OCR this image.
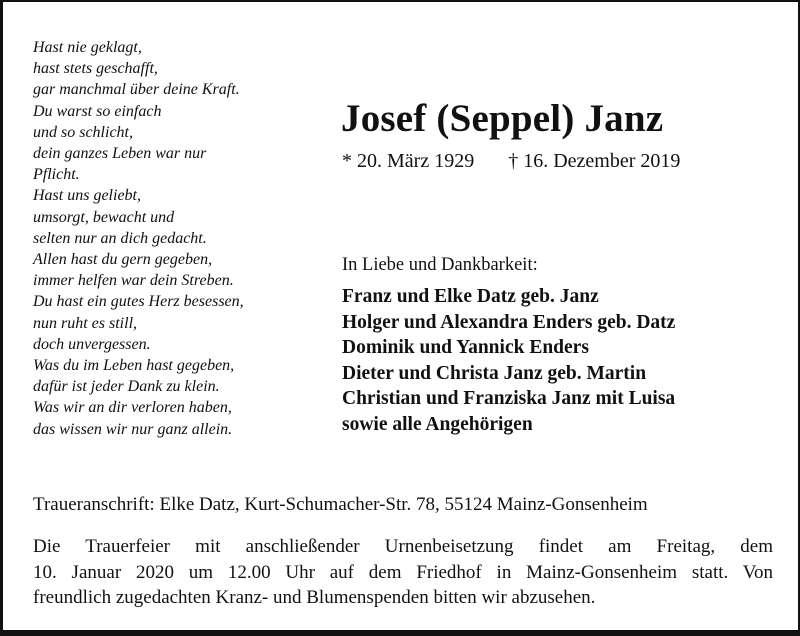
Hast nie geklagt,
hast stets geschafft,
gar manchmal über deine Kraft.
Du warst so einfach
und so schlicht,
dein ganzes Leben war nur
Pflicht.
Hast uns geliebt,
umsorgt, bewacht und
selten nur an dich gedacht.
Allen hast du gern gegeben,
immer helfen war dein Streben.
Du hast ein gutes Herz besessen,
nun ruht es still,
doch unvergessen.
Was du im Leben hast gegeben,
dafür ist jeder Dank zu klein.
Was wir an dir verloren haben,
das wissen wir nur ganz allein.
Josef (Seppel) Janz
* 20. März 1929 † 16. Dezember 2019
In Liebe und Dankbarkeit:
Franz und Elke Datz geb. Janz
Holger und Alexandra Enders geb. Datz
Dominik und Yannick Enders
Dieter und Christa Janz geb. Martin
Christian und Franziska Janz mit Luisa
sowie alle Angehörigen
Traueranschrift: Elke Datz, Kurt-Schumacher-Str. 78, 55124 Mainz-Gonsenheim
Die Trauerfeier mit anschließender Urnenbeisetzung findet am Freitag, dem
10. Januar 2020 um 12.00 Uhr auf dem Friedhof in Mainz-Gonsenheim statt. Von
freundlich zugedachten Kranz- und Blumenspenden bitten wir abzusehen.
